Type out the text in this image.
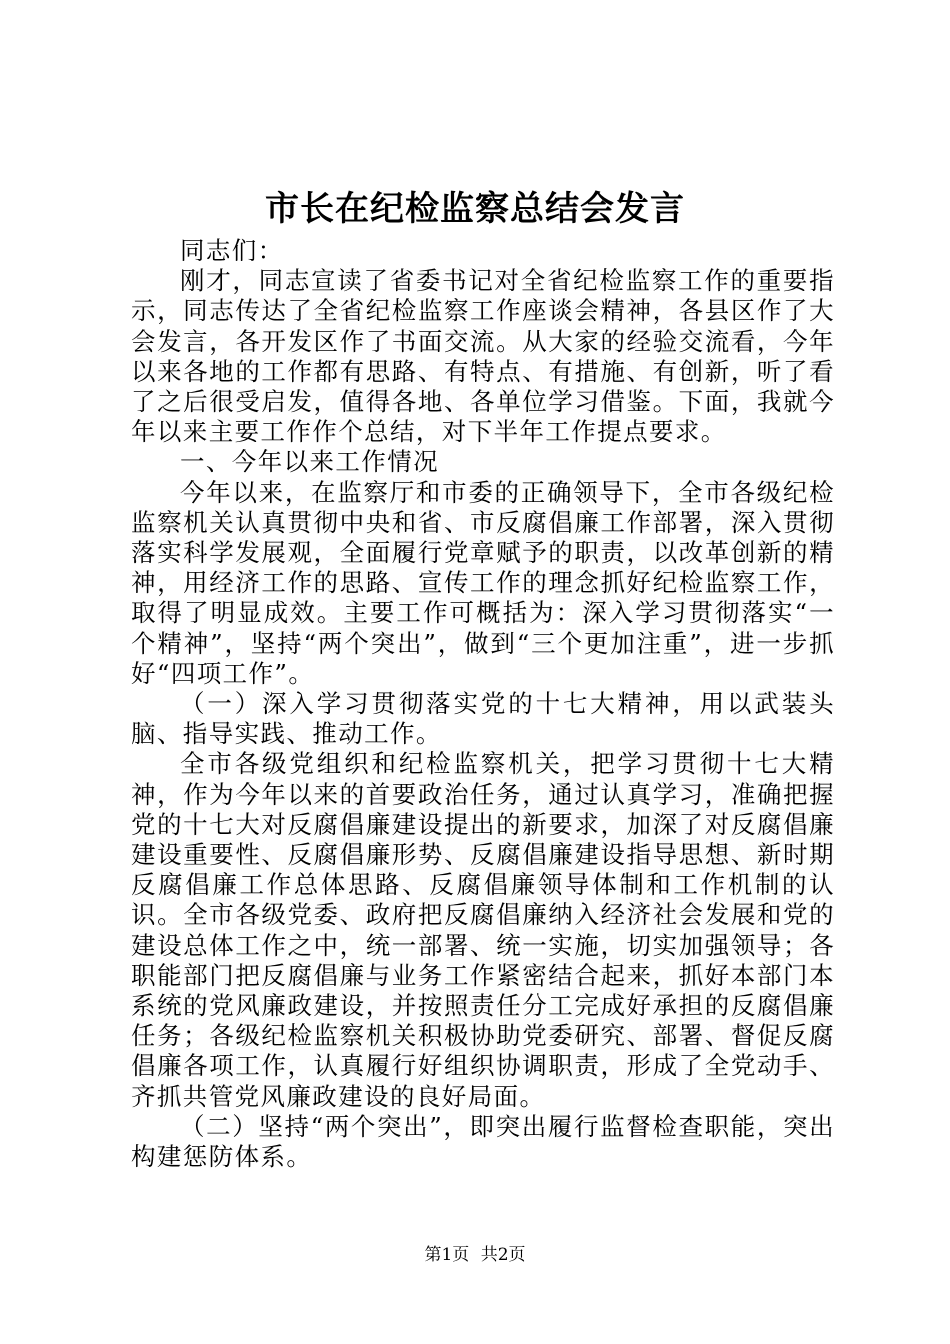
市长在纪检监察总结会发言

同志们：

刚才，同志宣读了省委书记对全省纪检监察工作的重要指示，同志传达了全省纪检监察工作座谈会精神，各县区作了大会发言，各开发区作了书面交流。从大家的经验交流看，今年以来各地的工作都有思路、有特点、有措施、有创新，听了看了之后很受启发，值得各地、各单位学习借鉴。下面，我就今年以来主要工作作个总结，对下半年工作提点要求。

一、今年以来工作情况

今年以来，在监察厅和市委的正确领导下，全市各级纪检监察机关认真贯彻中央和省、市反腐倡廉工作部署，深入贯彻落实科学发展观，全面履行党章赋予的职责，以改革创新的精神，用经济工作的思路、宣传工作的理念抓好纪检监察工作，取得了明显成效。主要工作可概括为：深入学习贯彻落实“一个精神”，坚持“两个突出”，做到“三个更加注重”，进一步抓好“四项工作”。

（一）深入学习贯彻落实党的十七大精神，用以武装头脑、指导实践、推动工作。

全市各级党组织和纪检监察机关，把学习贯彻十七大精神，作为今年以来的首要政治任务，通过认真学习，准确把握党的十七大对反腐倡廉建设提出的新要求，加深了对反腐倡廉建设重要性、反腐倡廉形势、反腐倡廉建设指导思想、新时期反腐倡廉工作总体思路、反腐倡廉领导体制和工作机制的认识。全市各级党委、政府把反腐倡廉纳入经济社会发展和党的建设总体工作之中，统一部署、统一实施，切实加强领导；各职能部门把反腐倡廉与业务工作紧密结合起来，抓好本部门本系统的党风廉政建设，并按照责任分工完成好承担的反腐倡廉任务；各级纪检监察机关积极协助党委研究、部署、督促反腐倡廉各项工作，认真履行好组织协调职责，形成了全党动手、齐抓共管党风廉政建设的良好局面。

（二）坚持“两个突出”，即突出履行监督检查职能，突出构建惩防体系。

第1页 共2页
